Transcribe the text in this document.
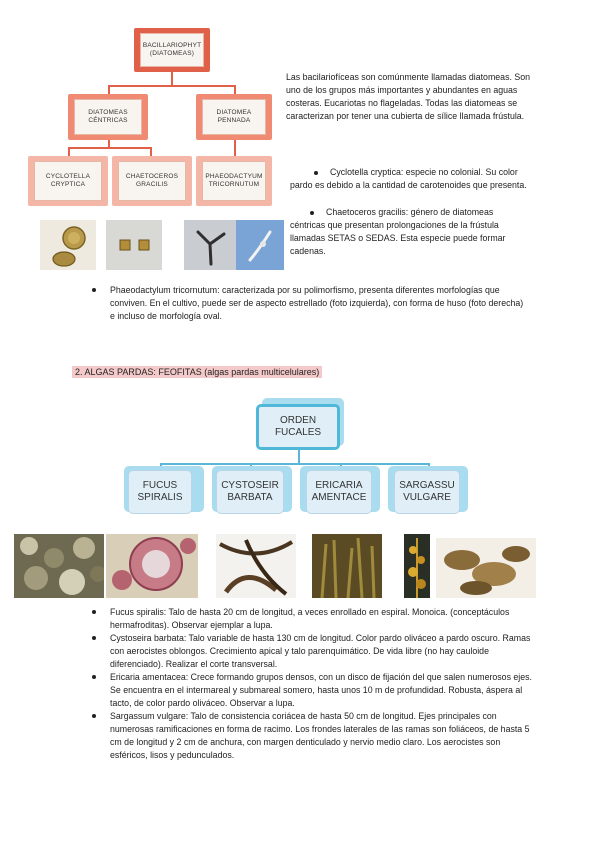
BACILLARIOPHYT (DIATOMEAS)
DIATOMEAS CÉNTRICAS
DIATOMEA PENNADA
CYCLOTELLA CRYPTICA
CHAETOCEROS GRACILIS
PHAEODACTYUM TRICORNUTUM
Las bacilariofíceas son comúnmente llamadas diatomeas. Son uno de los grupos más importantes y abundantes en aguas costeras. Eucariotas no flageladas. Todas las diatomeas se caracterizan por tener una cubierta de sílice llamada frústula.
Cyclotella cryptica: especie no colonial. Su color pardo es debido a la cantidad de carotenoides que presenta.
Chaetoceros gracilis: género de diatomeas céntricas que presentan prolongaciones de la frústula llamadas SETAS o SEDAS. Esta especie puede formar cadenas.
Phaeodactylum tricornutum: caracterizada por su polimorfismo, presenta diferentes morfologías que conviven. En el cultivo, puede ser de aspecto estrellado (foto izquierda), con forma de huso (foto derecha) e incluso de morfología oval.
2. ALGAS PARDAS: FEOFITAS (algas pardas multicelulares)
ORDEN FUCALES
FUCUS SPIRALIS
CYSTOSEIR BARBATA
ERICARIA AMENTACE
SARGASSU VULGARE
Fucus spiralis: Talo de hasta 20 cm de longitud, a veces enrollado en espiral. Monoica. (conceptáculos hermafroditas). Observar ejemplar a lupa.
Cystoseira barbata: Talo variable de hasta 130 cm de longitud. Color pardo oliváceo a pardo oscuro. Ramas con aerocistes oblongos. Crecimiento apical y talo parenquimático. De vida libre (no hay cauloide diferenciado). Realizar el corte transversal.
Ericaria amentacea: Crece formando grupos densos, con un disco de fijación del que salen numerosos ejes. Se encuentra en el intermareal y submareal somero, hasta unos 10 m de profundidad. Robusta, áspera al tacto, de color pardo oliváceo. Observar a lupa.
Sargassum vulgare: Talo de consistencia coriácea de hasta 50 cm de longitud. Ejes principales con numerosas ramificaciones en forma de racimo. Los frondes laterales de las ramas son foliáceos, de hasta 5 cm de longitud y 2 cm de anchura, con margen denticulado y nervio medio claro. Los aerocistes son esféricos, lisos y pedunculados.
